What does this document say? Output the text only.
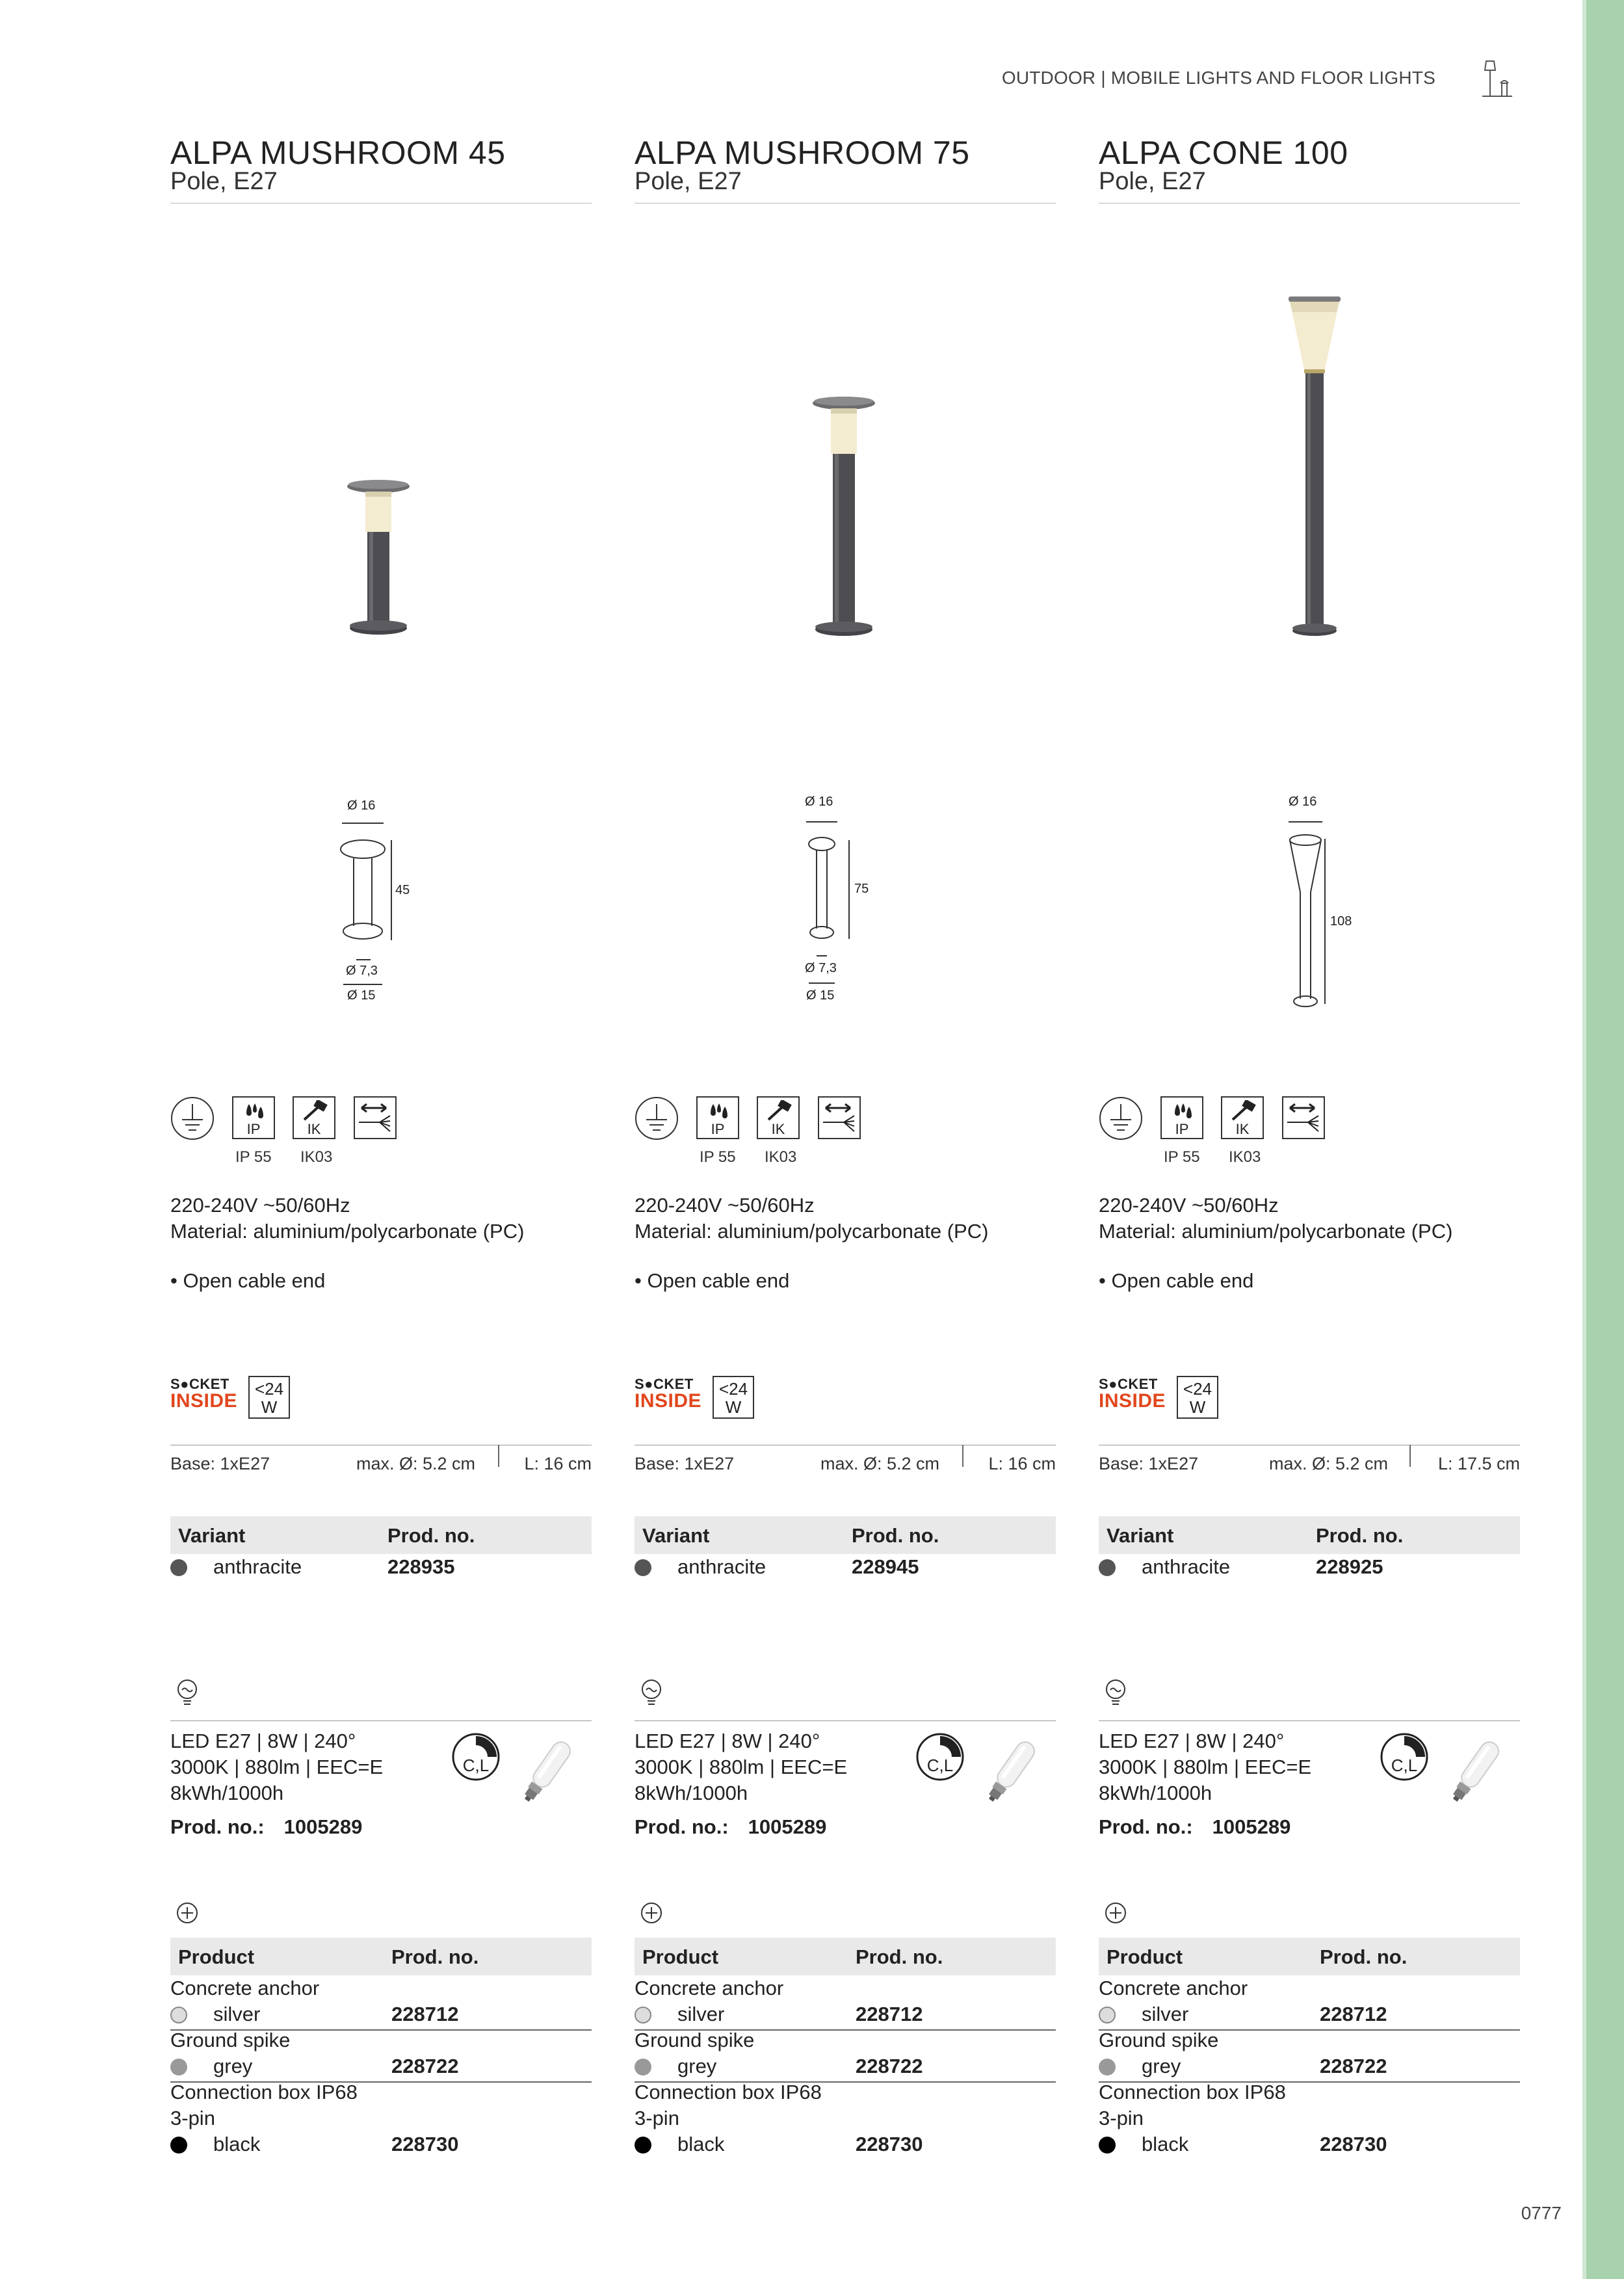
OUTDOOR | MOBILE LIGHTS AND FLOOR LIGHTS
ALPA MUSHROOM 45
Pole, E27
Ø 16
45
Ø 7,3
Ø 15
IP	IK
IP 55 IK03
220-240V ~50/60Hz
Material: aluminium/polycarbonate (PC)
• Open cable end
S●CKET
INSIDE
<24
W
Base: 1xE27	max. Ø: 5.2 cm	L: 16 cm
Variant	Prod. no.
anthracite	228935
LED E27 | 8W | 240°
3000K | 880lm | EEC=E
8kWh/1000h
Prod. no.: 1005289
C,L
Product	Prod. no.
Concrete anchor
silver	228712
Ground spike
grey	228722
Connection box IP68
3-pin
black	228730
ALPA MUSHROOM 75
Pole, E27
Ø 16
75
Ø 7,3
Ø 15
IP	IK
IP 55 IK03
220-240V ~50/60Hz
Material: aluminium/polycarbonate (PC)
• Open cable end
S●CKET
INSIDE
<24
W
Base: 1xE27	max. Ø: 5.2 cm	L: 16 cm
Variant	Prod. no.
anthracite	228945
LED E27 | 8W | 240°
3000K | 880lm | EEC=E
8kWh/1000h
Prod. no.: 1005289
C,L
Product	Prod. no.
Concrete anchor
silver	228712
Ground spike
grey	228722
Connection box IP68
3-pin
black	228730
ALPA CONE 100
Pole, E27
Ø 16
108
IP	IK
IP 55 IK03
220-240V ~50/60Hz
Material: aluminium/polycarbonate (PC)
• Open cable end
S●CKET
INSIDE
<24
W
Base: 1xE27	max. Ø: 5.2 cm	L: 17.5 cm
Variant	Prod. no.
anthracite	228925
LED E27 | 8W | 240°
3000K | 880lm | EEC=E
8kWh/1000h
Prod. no.: 1005289
C,L
Product	Prod. no.
Concrete anchor
silver	228712
Ground spike
grey	228722
Connection box IP68
3-pin
black	228730
0777
